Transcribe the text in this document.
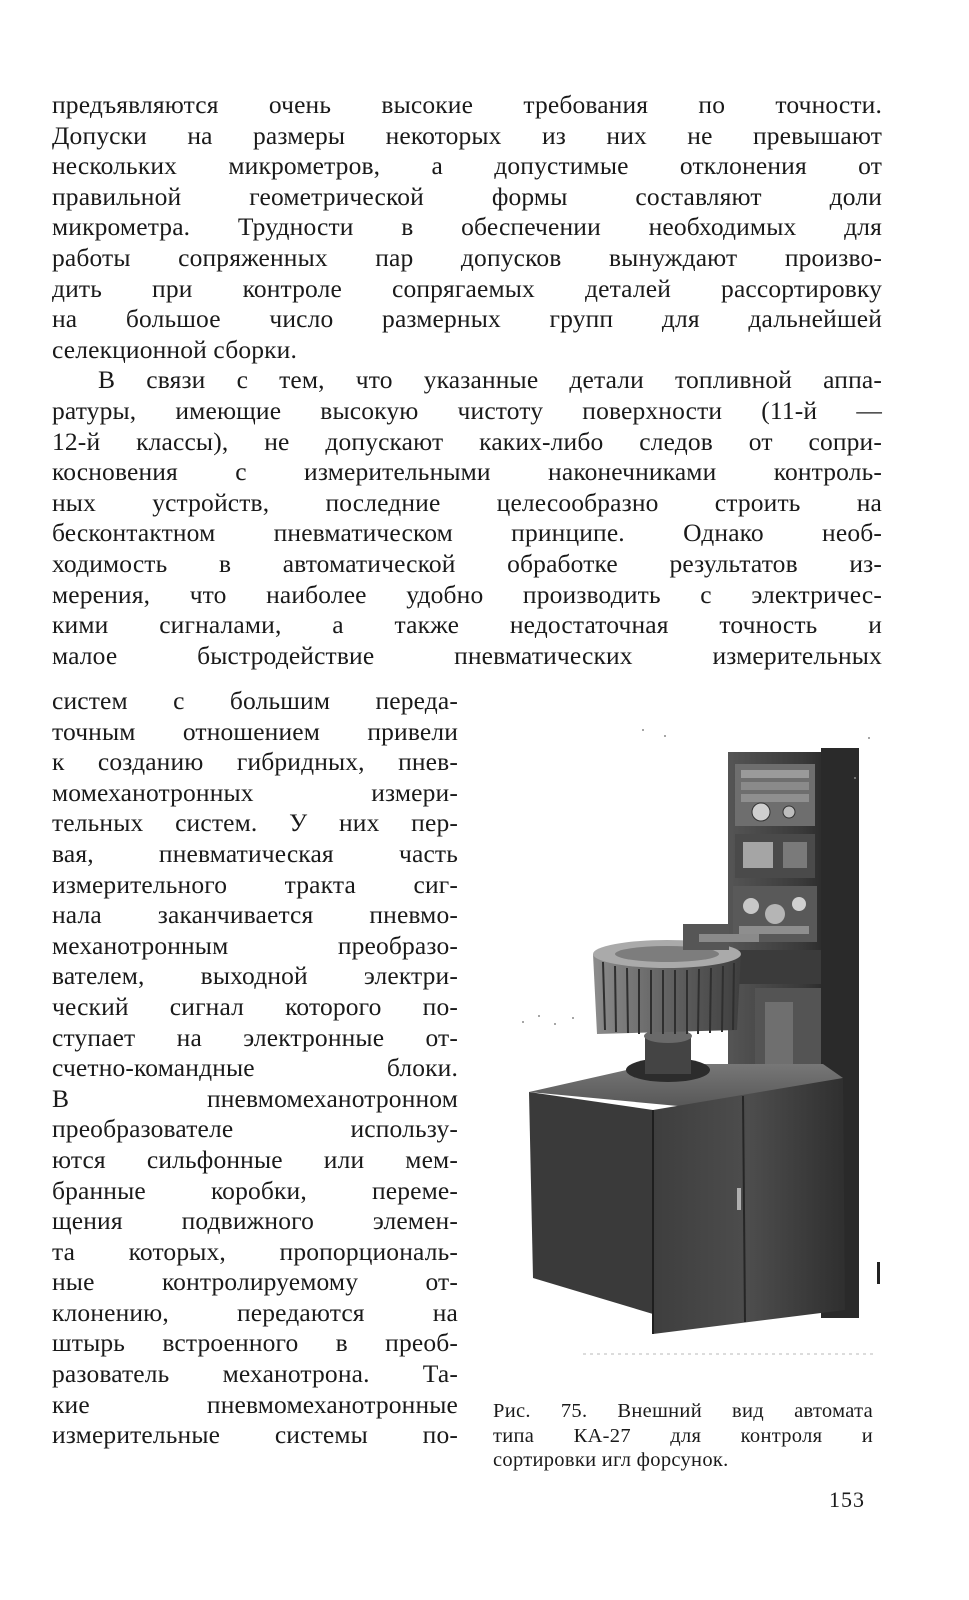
предъявляются очень высокие требования по точности.
Допуски на размеры некоторых из них не превышают
нескольких микрометров, а допустимые отклонения от
правильной геометрической формы составляют доли
микрометра. Трудности в обеспечении необходимых для
работы сопряженных пар допусков вынуждают произво-
дить при контроле сопрягаемых деталей рассортировку
на большое число размерных групп для дальнейшей
селекционной сборки.
В связи с тем, что указанные детали топливной аппа-
ратуры, имеющие высокую чистоту поверхности (11-й —
12-й классы), не допускают каких-либо следов от сопри-
косновения с измерительными наконечниками контроль-
ных устройств, последние целесообразно строить на
бесконтактном пневматическом принципе. Однако необ-
ходимость в автоматической обработке результатов из-
мерения, что наиболее удобно производить с электричес-
кими сигналами, а также недостаточная точность и
малое быстродействие пневматических измерительных
систем с большим переда-
точным отношением привели
к созданию гибридных, пнев-
момеханотронных измери-
тельных систем. У них пер-
вая, пневматическая часть
измерительного тракта сиг-
нала заканчивается пневмо-
механотронным преобразо-
вателем, выходной электри-
ческий сигнал которого по-
ступает на электронные от-
счетно-командные блоки.
В пневмомеханотронном
преобразователе использу-
ются сильфонные или мем-
бранные коробки, переме-
щения подвижного элемен-
та которых, пропорциональ-
ные контролируемому от-
клонению, передаются на
штырь встроенного в преоб-
разователь механотрона. Та-
кие пневмомеханотронные
измерительные системы по-
Рис. 75. Внешний вид автомата
типа КА-27 для контроля и
сортировки игл форсунок.
153
